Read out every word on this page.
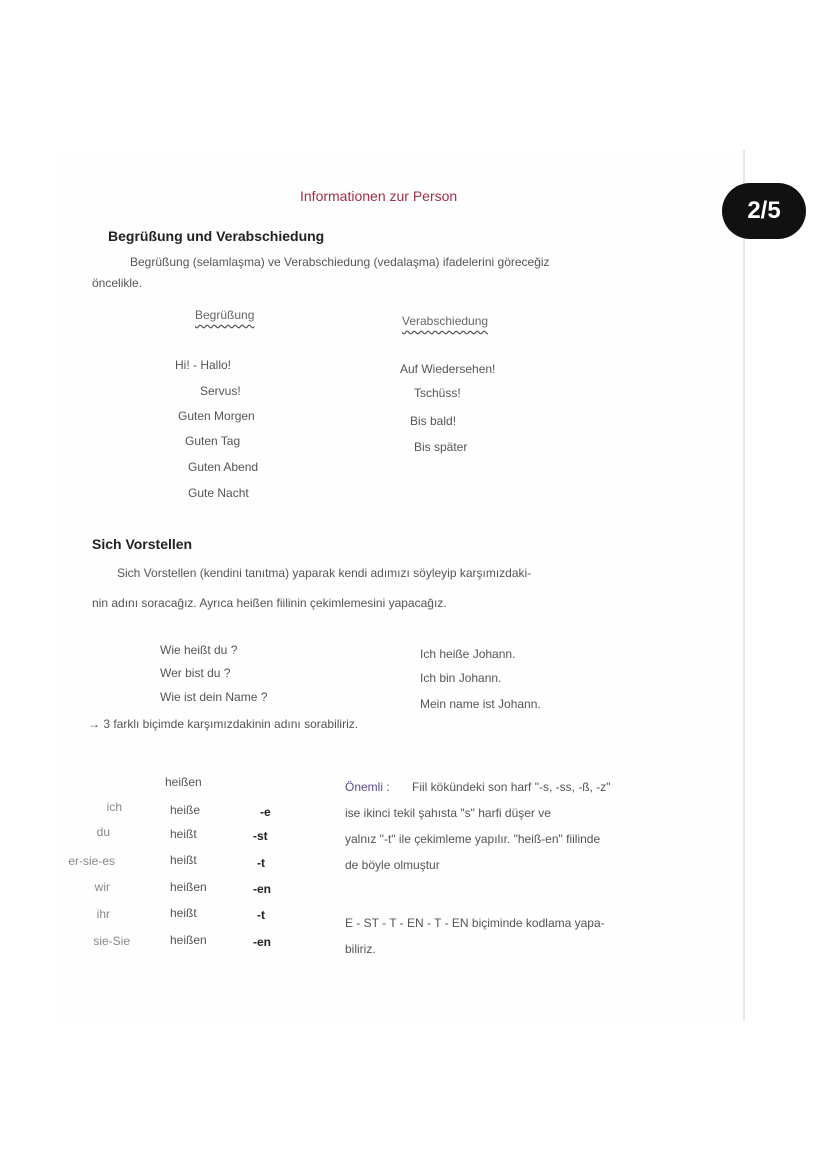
2/5
Informationen zur Person
Begrüßung und Verabschiedung
Begrüßung (selamlaşma) ve Verabschiedung (vedalaşma) ifadelerini göreceğiz
öncelikle.
Begrüßung	Verabschiedung
Hi! - Hallo!
Servus!
Guten Morgen
Guten Tag
Guten Abend
Gute Nacht
Auf Wiedersehen!
Tschüss!
Bis bald!
Bis später
Sich Vorstellen
Sich Vorstellen (kendini tanıtma) yaparak kendi adımızı söyleyip karşımızdaki-
nin adını soracağız. Ayrıca heißen fiilinin çekimlemesini yapacağız.
Wie heißt du ?
Wer bist du ?
Wie ist dein Name ?
Ich heiße Johann.
Ich bin Johann.
Mein name ist Johann.
→ 3 farklı biçimde karşımızdakinin adını sorabiliriz.
heißen
ich
du
er-sie-es
wir
ihr
sie-Sie
heiße
heißt
heißt
heißen
heißt
heißen
-e
-st
-t
-en
-t
-en
Önemli : Fiil kökündeki son harf "-s, -ss, -ß, -z"
ise ikinci tekil şahısta "s" harfi düşer ve
yalnız "-t" ile çekimleme yapılır. "heiß-en" fiilinde
de böyle olmuştur
E - ST - T - EN - T - EN biçiminde kodlama yapa-
biliriz.
